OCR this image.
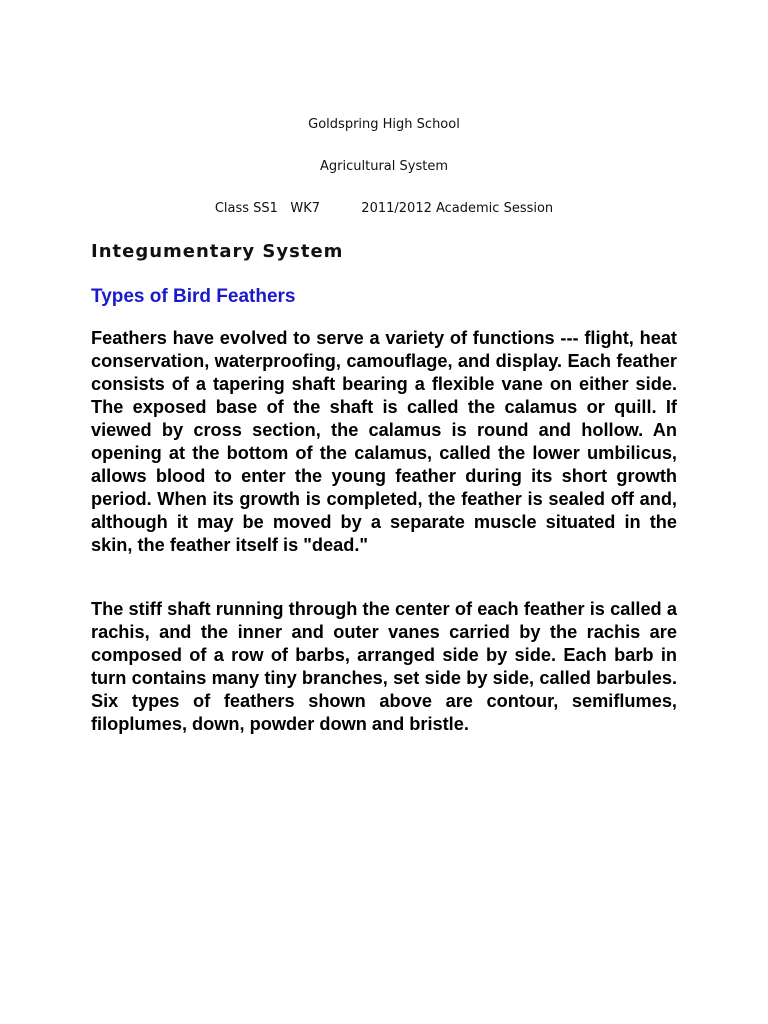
Goldspring High School
Agricultural System
Class SS1   WK7          2011/2012 Academic Session
Integumentary System
Types of Bird Feathers

Feathers have evolved to serve a variety of functions --- flight, heat conservation, waterproofing, camouflage, and display. Each feather consists of a tapering shaft bearing a flexible vane on either side. The exposed base of the shaft is called the calamus or quill. If viewed by cross section, the calamus is round and hollow. An opening at the bottom of the calamus, called the lower umbilicus, allows blood to enter the young feather during its short growth period. When its growth is completed, the feather is sealed off and, although it may be moved by a separate muscle situated in the skin, the feather itself is "dead."

The stiff shaft running through the center of each feather is called a rachis, and the inner and outer vanes carried by the rachis are composed of a row of barbs, arranged side by side. Each barb in turn contains many tiny branches, set side by side, called barbules. Six types of feathers shown above are contour, semiflumes, filoplumes, down, powder down and bristle.
